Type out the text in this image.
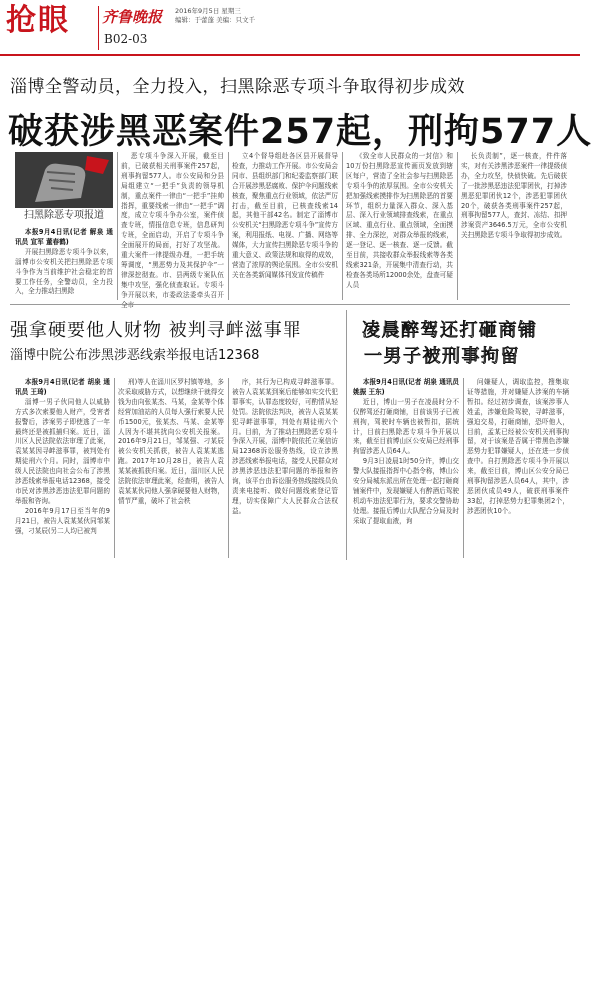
抢眼 齐鲁晚报 2016年9月5日 星期三
编辑：于蕾蓬 美编：只文千
B02-03
淄博全警动员，全力投入，扫黑除恶专项斗争取得初步成效
破获涉黑恶案件257起，刑拘577人
扫黑除恶专项报道

本报9月4日讯(记者 解泉 通讯员 宣军 董春鹤)

开展扫黑除恶专项斗争以来，淄博市公安机关把扫黑除恶专项斗争作为当前维护社会稳定的首要工作任务，全警动员，全力投入，全力推动扫黑除

恶专项斗争深入开展，截至目前，已破获相关刑事案件257起，刑事拘留577人。市公安局和分县局组建立“一把手”负责的领导机制，重点案件一律由“一把手”挂帅指挥，重要线索一律由“一把手”调度，成立专项斗争办公室，案件侦查专班，情报信息专班，信息研判专班，全面启动，开启了专项斗争全面展开的局面，打好了攻坚战。重大案件一律提级办理，一把手统筹调度，“黑恶势力及其保护伞”一律深挖彻查。市、县两级专案队伍集中攻坚，强化侦查取证。专项斗争开展以来，市委政法委牵头召开

立4个督导组赴各区县开展督导检查，力推动工作开展。市公安局会同市、县组织部门和纪委监察部门联合开展涉黑恶腐败、保护伞问题线索核查，聚焦重点行业领域，依法严厉打击，截至目前，已核查线索14起，其他干部42名。制定了淄博市公安机关“扫黑除恶专项斗争”宣传方案，利用报纸、电视、广播、网络等媒体，大力宣传扫黑除恶专项斗争的重大意义、政策法规和取得的成效，营造了浓厚的舆论氛围。全市公安机关在各类新闻媒体刊发宣传稿件

《致全市人民群众的一封信》和10万份扫黑除恶宣传画页发放到辖区每户，营造了全社会参与扫黑除恶专项斗争的浓厚氛围。全市公安机关把加强线索摸排作为扫黑除恶的首要环节，组织力量深入群众、深入基层、深入行业领域排查线索，在重点区域、重点行业、重点领域，全面摸排、全力深挖，对群众举报的线索，逐一登记、逐一核查、逐一反馈。截至目前，共接收群众举报线索等各类线索321条，开展集中清查行动，共检查各类场所12000余处，盘查可疑人员

长负责制”，逐一核查，件件落实，对有关涉黑涉恶案件一律提级侦办，全力攻坚，快侦快破。先后破获了一批涉黑恶违法犯罪团伙，打掉涉黑恶犯罪团伙12个，涉恶犯罪团伙20个，破获各类刑事案件257起，刑事拘留577人，查封、冻结、扣押涉案资产3646.5万元，全市公安机关扫黑除恶专项斗争取得初步成效。

强拿硬要他人财物 被判寻衅滋事罪
淄博中院公布涉黑涉恶线索举报电话12368

本报9月4日讯(记者 胡泉 通讯员 王琦)

淄博一男子伙同他人以威胁方式多次索要他人财产，受害者报警后，涉案男子即使逃了一年最终还是被抓捕归案。近日，淄川区人民法院依法审理了此案，袁某某因寻衅滋事罪，被判处有期徒刑六个月。同时，淄博市中级人民法院也向社会公布了涉黑涉恶线索举报电话12368，接受市民对涉黑涉恶违法犯罪问题的举报和咨询。

2016年9月17日至当年的9月21日，被告人袁某某伙同邹某强，刁某辰(另二人均已被判

刑)等人在淄川区罗村镇等地，多次采取威胁方式，以想继续干就得交钱为由向张某杰、马某，金某等个体经营加油站的人员每人强行索要人民币1500元，张某杰、马某、金某等人因为不堪其扰向公安机关报案。2016年9月21日，邹某强、刁某辰被公安机关抓获，被告人袁某某逃跑。2017年10月28日，被告人袁某某被抓获归案。近日，淄川区人民法院依法审理此案，经查明，被告人袁某某伙同他人强拿硬要他人财物，情节严重，破坏了社会秩

序，其行为已构成寻衅滋事罪。被告人袁某某到案后能够如实交代犯罪事实，认罪态度较好，可酌情从轻处罚。法院依法判决，被告人袁某某犯寻衅滋事罪，判处有期徒刑六个月。目前，为了推动扫黑除恶专项斗争深入开展，淄博中院依托立案信访局12368诉讼服务热线，设立涉黑涉恶线索举报电话，接受人民群众对涉黑涉恶违法犯罪问题的举报和咨询，该平台由诉讼服务热线接线员负责来电接听、做好问题线索登记管理，切实保障广大人民群众合法权益。

凌晨醉驾还打砸商铺
一男子被刑事拘留

本报9月4日讯(记者 胡泉 通讯员 姚振 王东)

近日，博山一男子在凌晨时分不仅醉驾还打砸商铺，目前该男子已被刑拘，驾驶时车辆也被暂扣，据统计，目前扫黑除恶专项斗争开展以来，截至目前博山区公安局已经刑事拘留涉恶人员64人。

9月3日凌晨1时50分许，博山交警大队接报指挥中心指令称，博山公安分局城东派出所在处理一起打砸商铺案件中，发现嫌疑人有醉酒后驾驶机动车违法犯罪行为，要求交警协助处理。接报后博山大队配合分局及时采取了提取血液，询

问嫌疑人，调取监控，搜集取证等措施，并对嫌疑人涉案的车辆暂扣。经过初步调查，该案涉事人姓孟，涉嫌危险驾驶，寻衅滋事，强迫交易，打砸商铺，恐吓他人，目前，孟某已经被公安机关刑事拘留，对于该案是否属于带黑色涉嫌恶势力犯罪嫌疑人，还在进一步侦查中。自打黑除恶专项斗争开展以来，截至目前，博山区公安分局已刑事拘留涉恶人员64人，其中，涉恶团伙成员49人，破获刑事案件33起，打掉恶势力犯罪集团2个，涉恶团伙10个。
